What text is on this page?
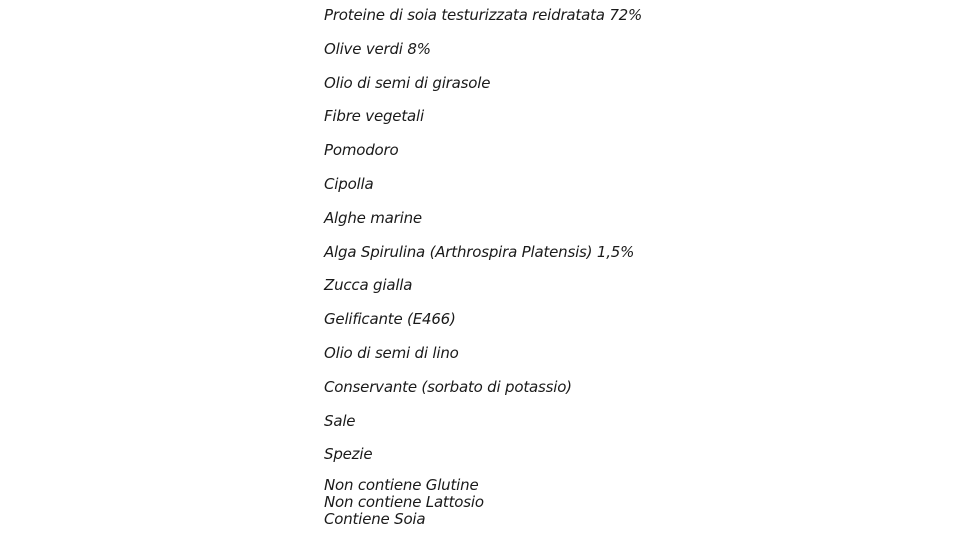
Proteine di soia testurizzata reidratata 72%
Olive verdi 8%
Olio di semi di girasole
Fibre vegetali
Pomodoro
Cipolla
Alghe marine
Alga Spirulina (Arthrospira Platensis) 1,5%
Zucca gialla
Gelificante (E466)
Olio di semi di lino
Conservante (sorbato di potassio)
Sale
Spezie
Non contiene Glutine
Non contiene Lattosio
Contiene Soia
